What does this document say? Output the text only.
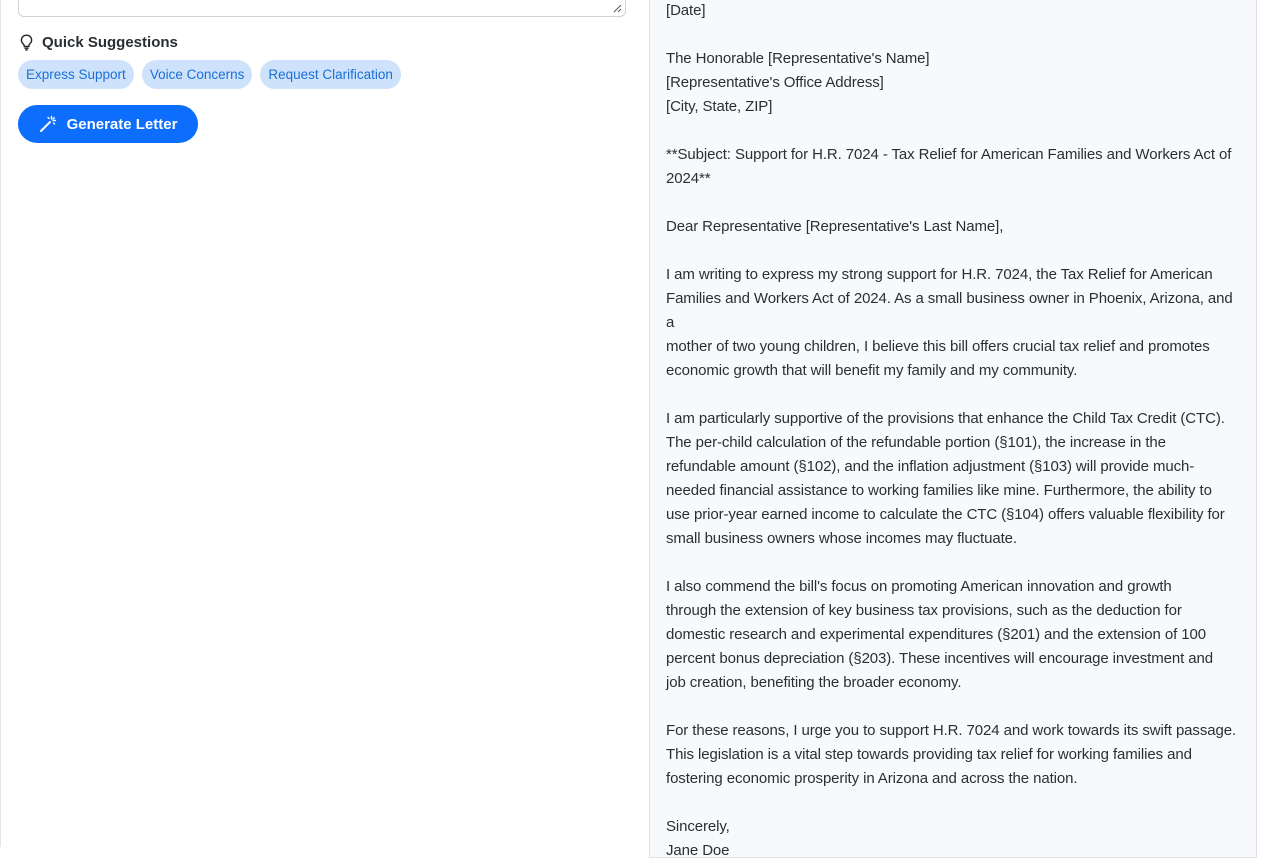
Quick Suggestions
Express Support	Voice Concerns	Request Clarification
Generate Letter

[Date]

The Honorable [Representative's Name]

[Representative's Office Address]

[City, State, ZIP]

**Subject: Support for H.R. 7024 - Tax Relief for American Families and Workers Act of

2024**

Dear Representative [Representative's Last Name],

I am writing to express my strong support for H.R. 7024, the Tax Relief for American

Families and Workers Act of 2024. As a small business owner in Phoenix, Arizona, and a

mother of two young children, I believe this bill offers crucial tax relief and promotes

economic growth that will benefit my family and my community.

I am particularly supportive of the provisions that enhance the Child Tax Credit (CTC).

The per-child calculation of the refundable portion (§101), the increase in the

refundable amount (§102), and the inflation adjustment (§103) will provide much-

needed financial assistance to working families like mine. Furthermore, the ability to

use prior-year earned income to calculate the CTC (§104) offers valuable flexibility for

small business owners whose incomes may fluctuate.

I also commend the bill's focus on promoting American innovation and growth

through the extension of key business tax provisions, such as the deduction for

domestic research and experimental expenditures (§201) and the extension of 100

percent bonus depreciation (§203). These incentives will encourage investment and

job creation, benefiting the broader economy.

For these reasons, I urge you to support H.R. 7024 and work towards its swift passage.

This legislation is a vital step towards providing tax relief for working families and

fostering economic prosperity in Arizona and across the nation.

Sincerely,

Jane Doe
